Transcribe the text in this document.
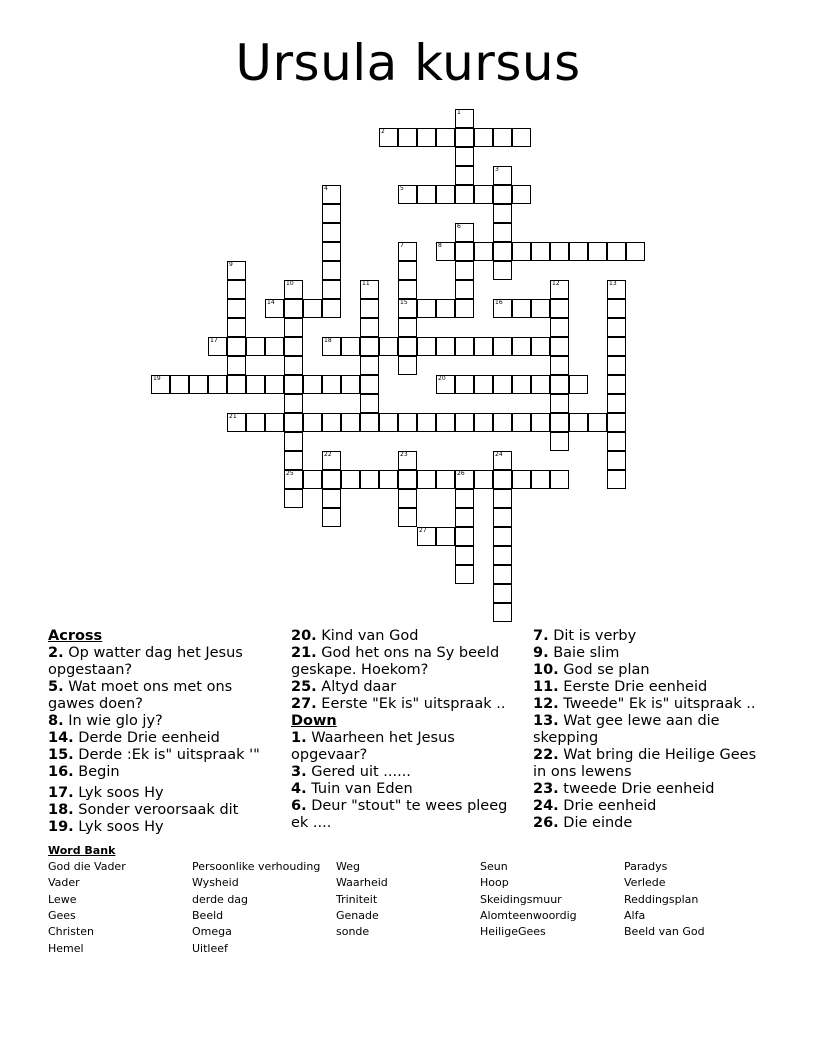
Ursula kursus
1
2
3
4	5
6
7
15
8
9
10
25
11	12	13
14	16
17	18
19	20
21
22	23	24
26
27
Across
2. Op watter dag het Jesus opgestaan?
5. Wat moet ons met ons gawes doen?
8. In wie glo jy?
14. Derde Drie eenheid
15. Derde :Ek is" uitspraak '"
16. Begin
17. Lyk soos Hy
18. Sonder veroorsaak dit
19. Lyk soos Hy
20. Kind van God
21. God het ons na Sy beeld geskape. Hoekom?
25. Altyd daar
27. Eerste "Ek is" uitspraak ..
Down
1. Waarheen het Jesus opgevaar?
3. Gered uit ......
4. Tuin van Eden
6. Deur "stout" te wees pleeg ek ....
7. Dit is verby
9. Baie slim
10. God se plan
11. Eerste Drie eenheid
12. Tweede" Ek is" uitspraak ..
13. Wat gee lewe aan die skepping
22. Wat bring die Heilige Gees in ons lewens
23. tweede Drie eenheid
24. Drie eenheid
26. Die einde
Word Bank
God die Vader
Vader
Lewe
Gees
Christen
Hemel
Persoonlike verhouding
Wysheid
derde dag
Beeld
Omega
Uitleef
Weg
Waarheid
Triniteit
Genade
sonde
Seun
Hoop
Skeidingsmuur
Alomteenwoordig
HeiligeGees
Paradys
Verlede
Reddingsplan
Alfa
Beeld van God
